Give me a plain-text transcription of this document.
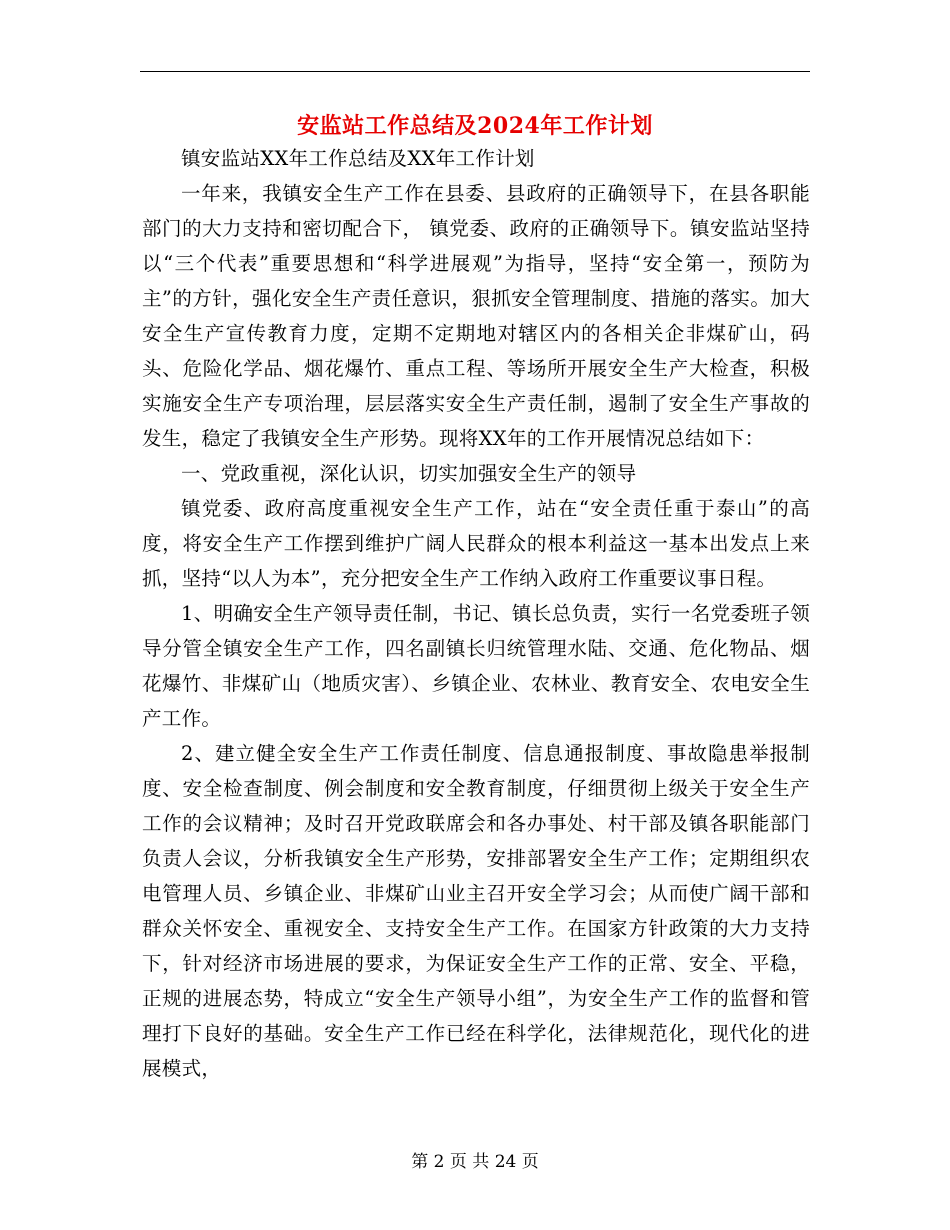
安监站工作总结及2024年工作计划

镇安监站XX年工作总结及XX年工作计划

一年来，我镇安全生产工作在县委、县政府的正确领导下，在县各职能部门的大力支持和密切配合下， 镇党委、政府的正确领导下。镇安监站坚持以“三个代表”重要思想和“科学进展观”为指导，坚持“安全第一，预防为主”的方针，强化安全生产责任意识，狠抓安全管理制度、措施的落实。加大安全生产宣传教育力度，定期不定期地对辖区内的各相关企非煤矿山，码头、危险化学品、烟花爆竹、重点工程、等场所开展安全生产大检查，积极实施安全生产专项治理，层层落实安全生产责任制，遏制了安全生产事故的发生，稳定了我镇安全生产形势。现将XX年的工作开展情况总结如下：

一、党政重视，深化认识，切实加强安全生产的领导

镇党委、政府高度重视安全生产工作，站在“安全责任重于泰山”的高度，将安全生产工作摆到维护广阔人民群众的根本利益这一基本出发点上来抓，坚持“以人为本”，充分把安全生产工作纳入政府工作重要议事日程。

1、明确安全生产领导责任制，书记、镇长总负责，实行一名党委班子领导分管全镇安全生产工作，四名副镇长归统管理水陆、交通、危化物品、烟花爆竹、非煤矿山（地质灾害）、乡镇企业、农林业、教育安全、农电安全生产工作。

2、建立健全安全生产工作责任制度、信息通报制度、事故隐患举报制度、安全检查制度、例会制度和安全教育制度，仔细贯彻上级关于安全生产工作的会议精神；及时召开党政联席会和各办事处、村干部及镇各职能部门负责人会议，分析我镇安全生产形势，安排部署安全生产工作；定期组织农电管理人员、乡镇企业、非煤矿山业主召开安全学习会；从而使广阔干部和群众关怀安全、重视安全、支持安全生产工作。在国家方针政策的大力支持下，针对经济市场进展的要求，为保证安全生产工作的正常、安全、平稳，正规的进展态势，特成立“安全生产领导小组”，为安全生产工作的监督和管理打下良好的基础。安全生产工作已经在科学化，法律规范化，现代化的进展模式，

第 2 页 共 24 页
